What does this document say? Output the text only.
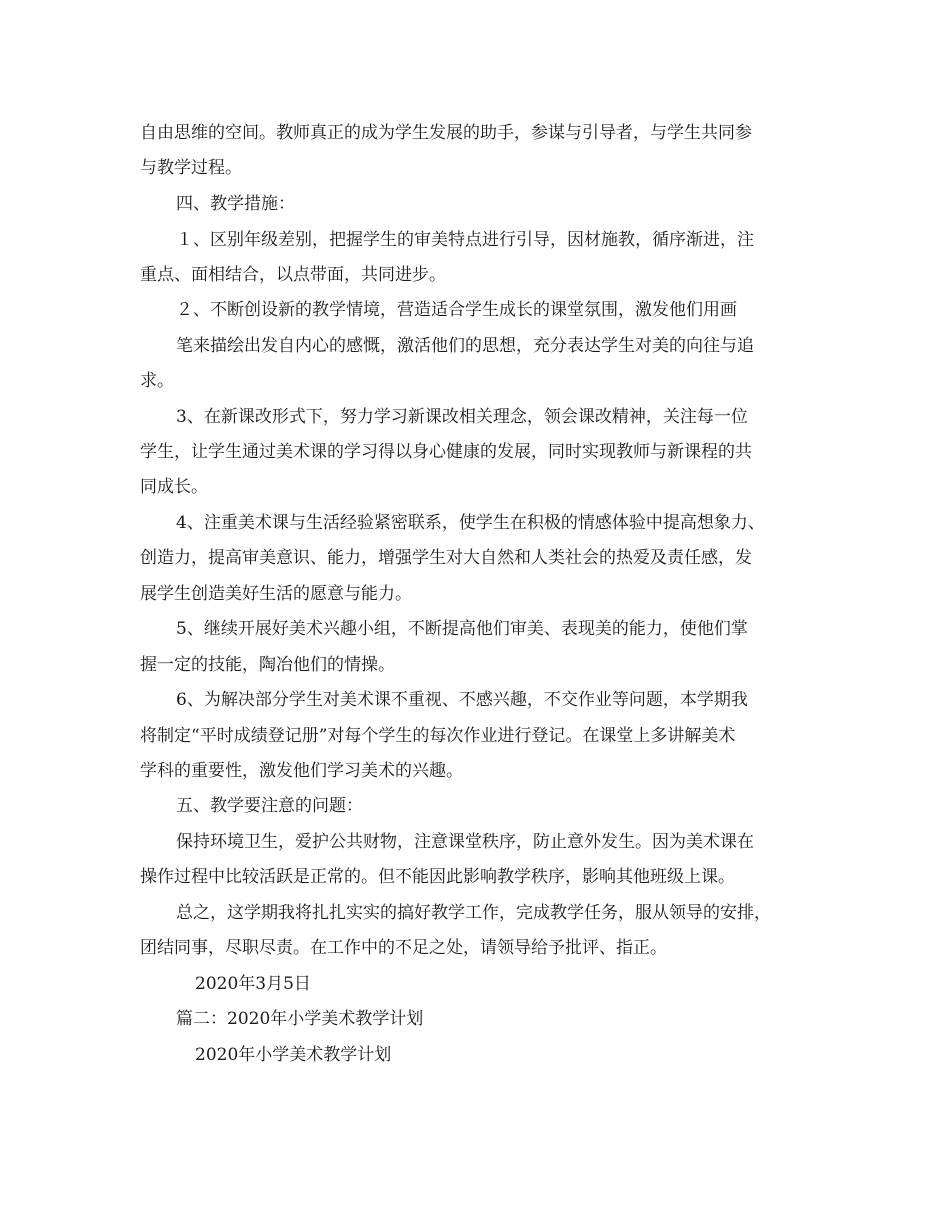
自由思维的空间。教师真正的成为学生发展的助手，参谋与引导者，与学生共同参

与教学过程。

四、教学措施：

１、区别年级差别，把握学生的审美特点进行引导，因材施教，循序渐进，注

重点、面相结合，以点带面，共同进步。

２、不断创设新的教学情境，营造适合学生成长的课堂氛围，激发他们用画

笔来描绘出发自内心的感慨，激活他们的思想，充分表达学生对美的向往与追

求。

3、在新课改形式下，努力学习新课改相关理念，领会课改精神，关注每一位

学生，让学生通过美术课的学习得以身心健康的发展，同时实现教师与新课程的共

同成长。

4、注重美术课与生活经验紧密联系，使学生在积极的情感体验中提高想象力、

创造力，提高审美意识、能力，增强学生对大自然和人类社会的热爱及责任感，发

展学生创造美好生活的愿意与能力。

5、继续开展好美术兴趣小组，不断提高他们审美、表现美的能力，使他们掌

握一定的技能，陶冶他们的情操。

6、为解决部分学生对美术课不重视、不感兴趣，不交作业等问题，本学期我

将制定“平时成绩登记册”对每个学生的每次作业进行登记。在课堂上多讲解美术

学科的重要性，激发他们学习美术的兴趣。

五、教学要注意的问题：

保持环境卫生，爱护公共财物，注意课堂秩序，防止意外发生。因为美术课在

操作过程中比较活跃是正常的。但不能因此影响教学秩序，影响其他班级上课。

总之，这学期我将扎扎实实的搞好教学工作，完成教学任务，服从领导的安排，

团结同事，尽职尽责。在工作中的不足之处，请领导给予批评、指正。

2020年3月5日

篇二：2020年小学美术教学计划

2020年小学美术教学计划
